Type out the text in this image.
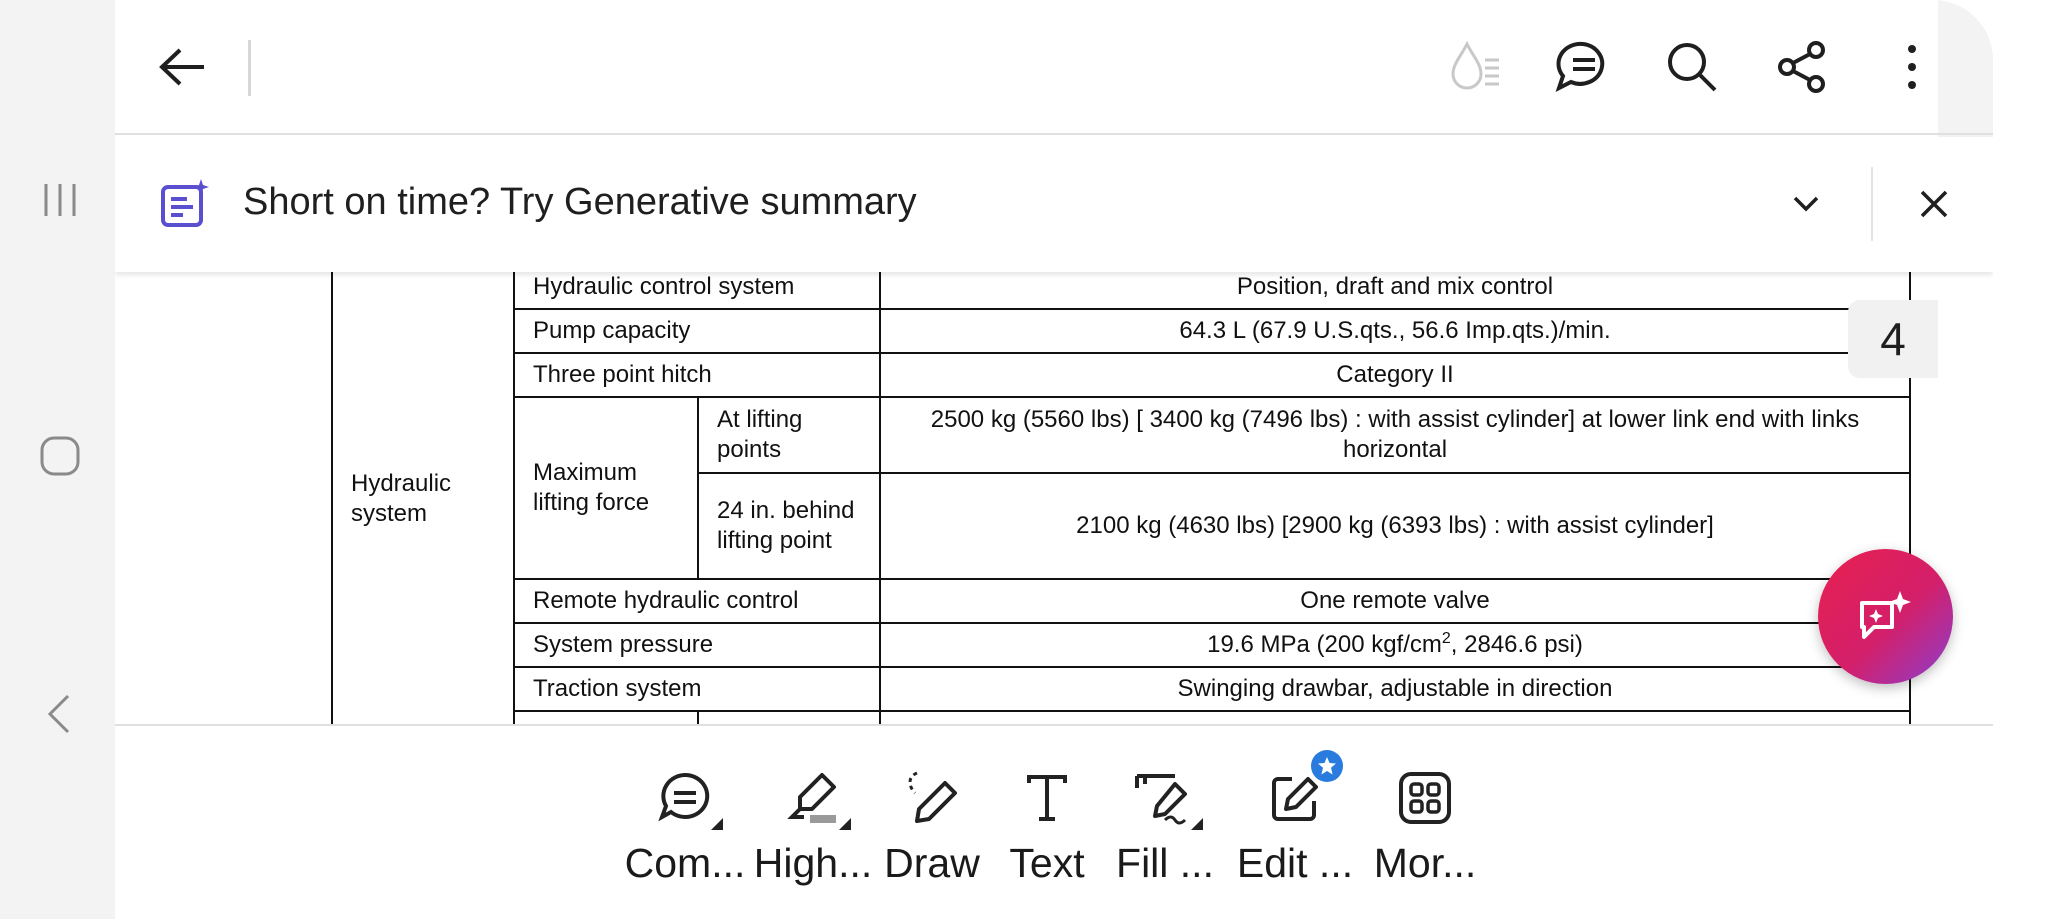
Short on time? Try Generative summary
Hydraulic system	Hydraulic control system		Position, draft and mix control
	Pump capacity		64.3 L (67.9 U.S.qts., 56.6 Imp.qts.)/min.
	Three point hitch		Category II
	Maximum lifting force	At lifting points	2500 kg (5560 lbs) [ 3400 kg (7496 lbs) : with assist cylinder] at lower link end with links horizontal
		24 in. behind lifting point	2100 kg (4630 lbs) [2900 kg (6393 lbs) : with assist cylinder]
	Remote hydraulic control		One remote valve
	System pressure		19.6 MPa (200 kgf/$cm^2$, 2846.6 psi)
	Traction system		Swinging drawbar, adjustable in direction

4
Com... High... Draw Text Fill ... Edit ... Mor...
